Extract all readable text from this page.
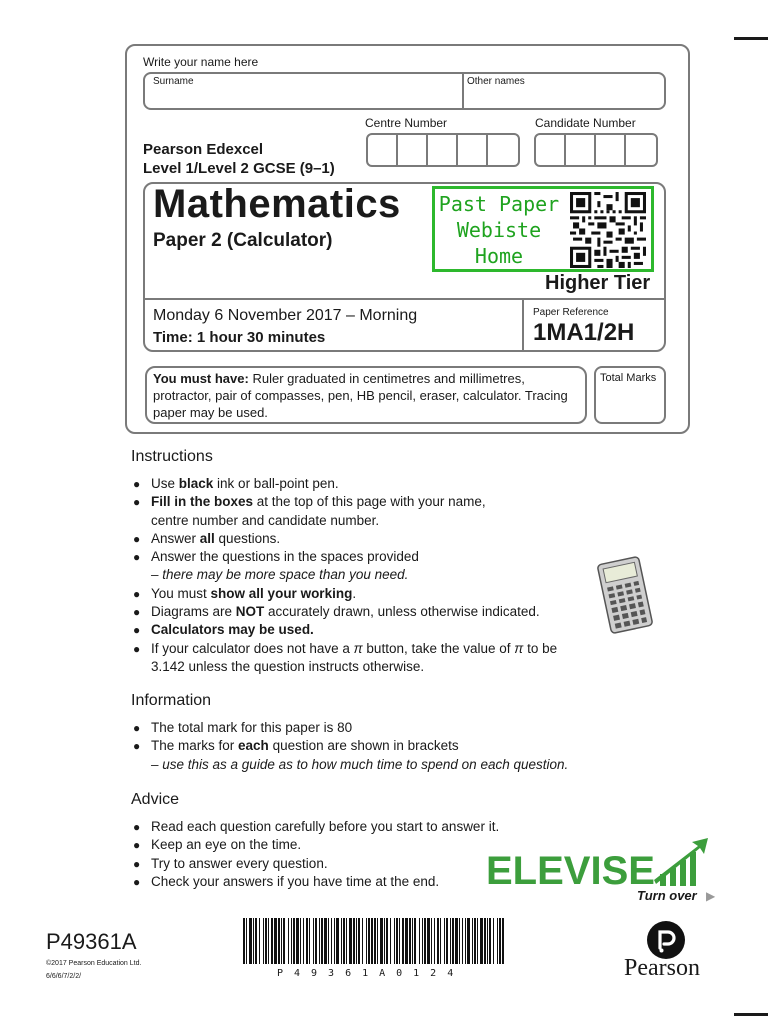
Write your name here
Surname	Other names
Centre Number	Candidate Number
Pearson Edexcel
Level 1/Level 2 GCSE (9–1)
Mathematics
Paper 2 (Calculator)
Past Paper
Webiste
Home
Higher Tier
Monday 6 November 2017 – Morning
Time: 1 hour 30 minutes
Paper Reference
1MA1/2H
You must have: Ruler graduated in centimetres and millimetres, protractor, pair of compasses, pen, HB pencil, eraser, calculator. Tracing paper may be used.
Total Marks
Instructions
● Use black ink or ball-point pen.
● Fill in the boxes at the top of this page with your name,
centre number and candidate number.
● Answer all questions.
● Answer the questions in the spaces provided
– there may be more space than you need.
● You must show all your working.
● Diagrams are NOT accurately drawn, unless otherwise indicated.
● Calculators may be used.
● If your calculator does not have a π button, take the value of π to be
3.142 unless the question instructs otherwise.
Information
● The total mark for this paper is 80
● The marks for each question are shown in brackets
– use this as a guide as to how much time to spend on each question.
Advice
● Read each question carefully before you start to answer it.
● Keep an eye on the time.
● Try to answer every question.
● Check your answers if you have time at the end.	ELEVISE
Turn over ▶
P49361A
©2017 Pearson Education Ltd.
6/6/6/7/2/2/	P49361A0124	Pearson
